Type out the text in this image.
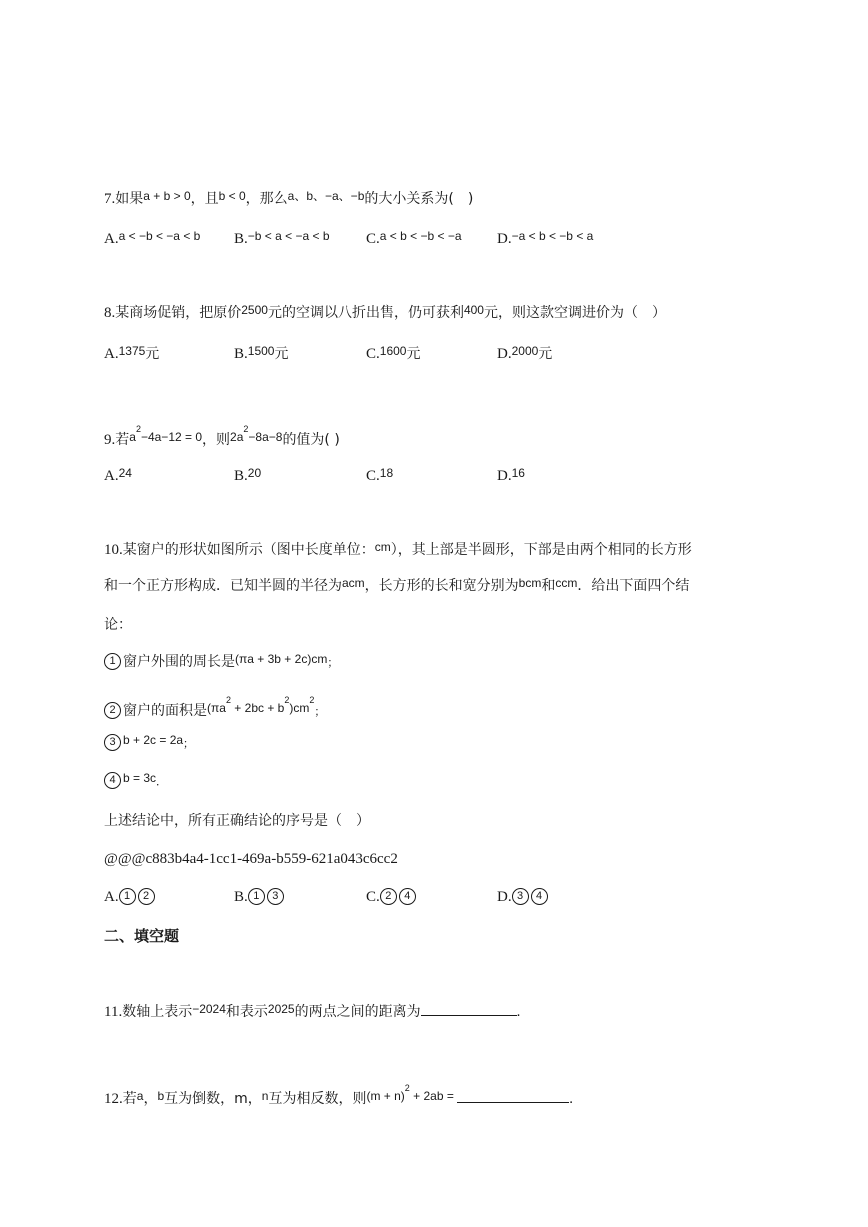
7.如果$^{a + b > 0}$，且$^{b < 0}$，那么$^{a、b、-a、-b}$的大小关系为(　)
A.$^{a < -b < -a < b}$ B.$^{-b < a < -a < b}$ C.$^{a < b < -b < -a}$ D.$^{-a < b < -b < a}$
8.某商场促销，把原价$^{2500}$元的空调以八折出售，仍可获利$^{400}$元，则这款空调进价为（　）
A.$^{1375}$元	B.$^{1500}$元	C.$^{1600}$元	D.$^{2000}$元
9.若$^{a2-4a-12 = 0}$，则$^{2a2-8a-8}$的值为( )
A.$^{24}$	B.$^{20}$	C.$^{18}$	D.$^{16}$
10.某窗户的形状如图所示（图中长度单位：$^{cm}$），其上部是半圆形，下部是由两个相同的长方形
和一个正方形构成．已知半圆的半径为$^{acm}$，长方形的长和宽分别为$^{bcm}$和$^{ccm}$．给出下面四个结
论：
1 窗户外围的周长是$^{(\pi a + 3b + 2c)cm}$；
2 窗户的面积是$^{(\pi a2}$ $^{+ 2bc + b2)cm2}$；
3 $^{b + 2c = 2a}$；
4 $^{b = 3c}$．
上述结论中，所有正确结论的序号是（　）
@@@c883b4a4-1cc1-469a-b559-621a043c6cc2
A. 1 2	B. 1 3	C. 2 4	D. 3 4
二、填空题
11.数轴上表示$^{-2024}$和表示$^{2025}$的两点之间的距离为	.
12.若$^a$，$^b$互为倒数，m，$^n$互为相反数，则$^{(m + n)2}$ $^{+ 2ab =}$	.
